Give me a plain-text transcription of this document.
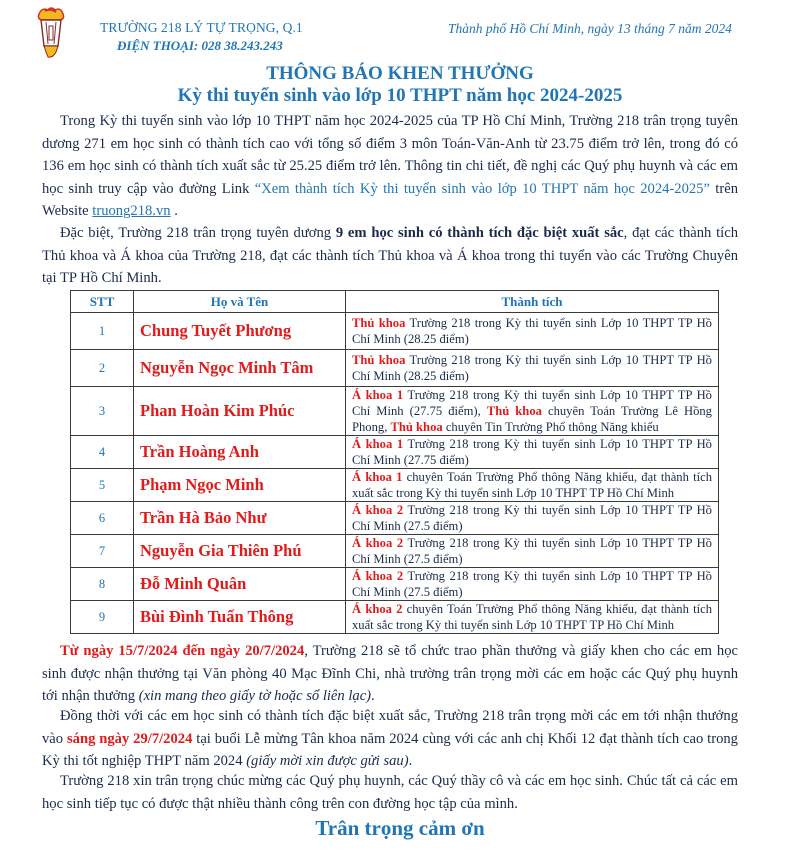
TRƯỜNG 218 LÝ TỰ TRỌNG, Q.1
ĐIỆN THOẠI: 028 38.243.243
Thành phố Hồ Chí Minh, ngày 13 tháng 7 năm 2024
THÔNG BÁO KHEN THƯỞNG
Kỳ thi tuyển sinh vào lớp 10 THPT năm học 2024-2025
Trong Kỳ thi tuyển sinh vào lớp 10 THPT năm học 2024-2025 của TP Hồ Chí Minh, Trường 218 trân trọng tuyên dương 271 em học sinh có thành tích cao với tổng số điểm 3 môn Toán-Văn-Anh từ 23.75 điểm trở lên, trong đó có 136 em học sinh có thành tích xuất sắc từ 25.25 điểm trở lên. Thông tin chi tiết, đề nghị các Quý phụ huynh và các em học sinh truy cập vào đường Link “Xem thành tích Kỳ thi tuyển sinh vào lớp 10 THPT năm học 2024-2025” trên Website truong218.vn .
Đặc biệt, Trường 218 trân trọng tuyên dương 9 em học sinh có thành tích đặc biệt xuất sắc, đạt các thành tích Thủ khoa và Á khoa của Trường 218, đạt các thành tích Thủ khoa và Á khoa trong thi tuyển vào các Trường Chuyên tại TP Hồ Chí Minh.
STT	Họ và Tên	Thành tích
1	Chung Tuyết Phương	Thủ khoa Trường 218 trong Kỳ thi tuyển sinh Lớp 10 THPT TP Hồ Chí Minh (28.25 điểm)
2	Nguyễn Ngọc Minh Tâm	Thủ khoa Trường 218 trong Kỳ thi tuyển sinh Lớp 10 THPT TP Hồ Chí Minh (28.25 điểm)
3	Phan Hoàn Kim Phúc	Á khoa 1 Trường 218 trong Kỳ thi tuyển sinh Lớp 10 THPT TP Hồ Chí Minh (27.75 điểm), Thủ khoa chuyên Toán Trường Lê Hồng Phong, Thủ khoa chuyên Tin Trường Phổ thông Năng khiếu
4	Trần Hoàng Anh	Á khoa 1 Trường 218 trong Kỳ thi tuyển sinh Lớp 10 THPT TP Hồ Chí Minh (27.75 điểm)
5	Phạm Ngọc Minh	Á khoa 1 chuyên Toán Trường Phổ thông Năng khiếu, đạt thành tích xuất sắc trong Kỳ thi tuyển sinh Lớp 10 THPT TP Hồ Chí Minh
6	Trần Hà Bảo Như	Á khoa 2 Trường 218 trong Kỳ thi tuyển sinh Lớp 10 THPT TP Hồ Chí Minh (27.5 điểm)
7	Nguyễn Gia Thiên Phú	Á khoa 2 Trường 218 trong Kỳ thi tuyển sinh Lớp 10 THPT TP Hồ Chí Minh (27.5 điểm)
8	Đỗ Minh Quân	Á khoa 2 Trường 218 trong Kỳ thi tuyển sinh Lớp 10 THPT TP Hồ Chí Minh (27.5 điểm)
9	Bùi Đình Tuấn Thông	Á khoa 2 chuyên Toán Trường Phổ thông Năng khiếu, đạt thành tích xuất sắc trong Kỳ thi tuyển sinh Lớp 10 THPT TP Hồ Chí Minh
Từ ngày 15/7/2024 đến ngày 20/7/2024, Trường 218 sẽ tổ chức trao phần thưởng và giấy khen cho các em học sinh được nhận thưởng tại Văn phòng 40 Mạc Đĩnh Chi, nhà trường trân trọng mời các em hoặc các Quý phụ huynh tới nhận thưởng (xin mang theo giấy tờ hoặc sổ liên lạc).
Đồng thời với các em học sinh có thành tích đặc biệt xuất sắc, Trường 218 trân trọng mời các em tới nhận thưởng vào sáng ngày 29/7/2024 tại buổi Lễ mừng Tân khoa năm 2024 cùng với các anh chị Khối 12 đạt thành tích cao trong Kỳ thi tốt nghiệp THPT năm 2024 (giấy mời xin được gửi sau).
Trường 218 xin trân trọng chúc mừng các Quý phụ huynh, các Quý thầy cô và các em học sinh. Chúc tất cả các em học sinh tiếp tục có được thật nhiều thành công trên con đường học tập của mình.
Trân trọng cảm ơn
